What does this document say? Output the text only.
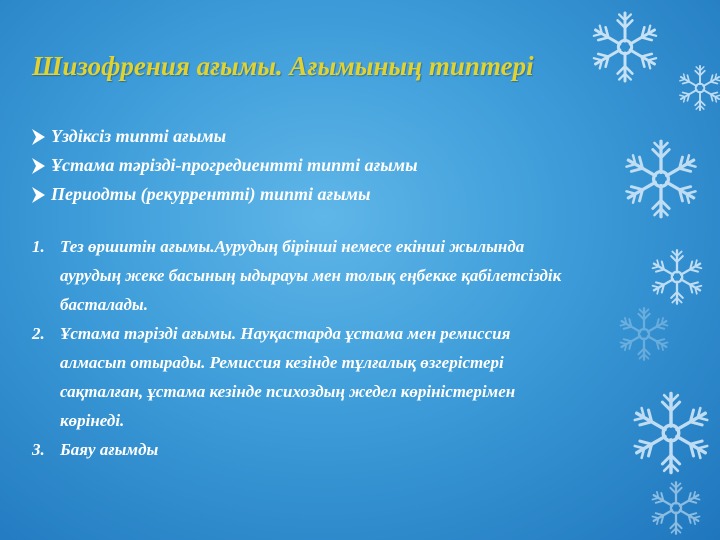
Шизофрения ағымы. Ағымының типтері
Үздіксіз типті ағымы
Ұстама тәрізді-прогредиентті типті ағымы
Периодты (рекуррентті) типті ағымы
1. Тез өршитін ағымы.Аурудың бірінші немесе екінші жылында аурудың жеке басының ыдырауы мен толық еңбекке қабілетсіздік басталады.
2. Ұстама тәрізді ағымы. Науқастарда ұстама мен ремиссия алмасып отырады. Ремиссия кезінде тұлғалық өзгерістері сақталған, ұстама кезінде психоздың жедел көріністерімен көрінеді.
3. Баяу ағымды
